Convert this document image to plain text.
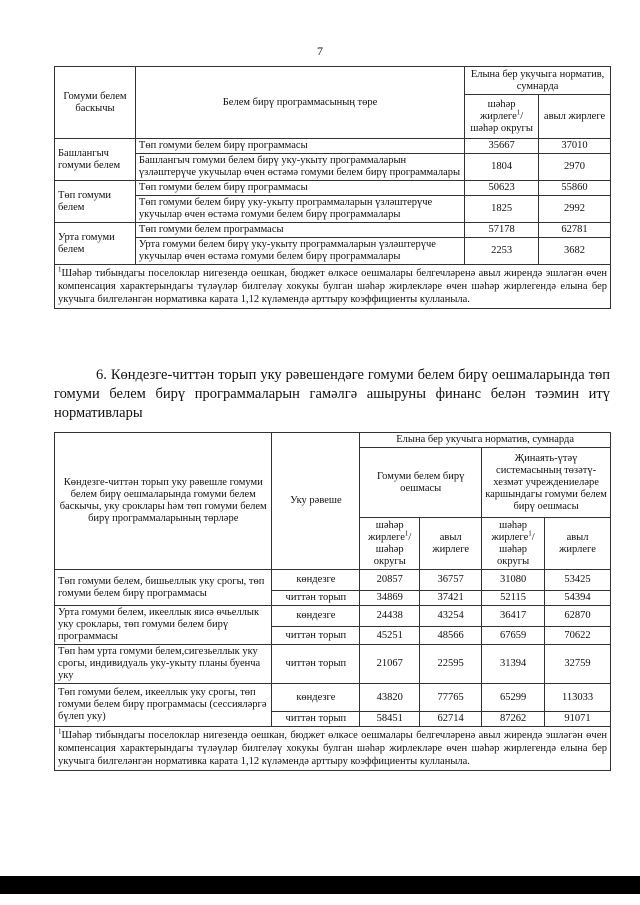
7
Гомуми белем баскычы	Белем бирү программасының төре	Елына бер укучыга норматив, сумнарда	
		шәһәр жирлеге$^1$/ шәһәр округы	авыл жирлеге
Башлангыч гомуми белем	Төп гомуми белем бирү программасы	35667	37010
	Башлангыч гомуми белем бирү уку-укыту программаларын үзләштерүче укучылар өчен өстәмә гомуми белем бирү программалары	1804	2970
Төп гомуми белем	Төп гомуми белем бирү программасы	50623	55860
	Төп гомуми белем бирү уку-укыту программаларын үзләштерүче укучылар өчен өстәмә гомуми белем бирү программалары	1825	2992
Урта гомуми белем	Төп гомуми белем программасы	57178	62781
	Урта гомуми белем бирү уку-укыту программаларын үзләштерүче укучылар өчен өстәмә гомуми белем бирү программалары	2253	3682
$^1$Шәһәр тибындагы поселоклар нигезендә оешкан, бюджет өлкәсе оешмалары белгечләренә авыл жирендә эшләгән өчен компенсация характерындагы түләүләр билгеләү хокукы булган шәһәр жирлекләре өчен шәһәр жирлегендә елына бер укучыга билгеләнгән нормативка карата 1,12 күләмендә арттыру коэффициенты кулланыла.			
6. Көндезге-читтән торып уку рәвешендәге гомуми белем бирү оешмаларында төп гомуми белем бирү программаларын гамәлгә ашыруны финанс белән тәэмин итү нормативлары
Көндезге-читтән торып уку рәвешле гомуми белем бирү оешмаларында гомуми белем баскычы, уку сроклары һәм төп гомуми белем бирү программаларының төрләре	Уку рәвеше	Елына бер укучыга норматив, сумнарда			
		Гомуми белем бирү оешмасы		Җинаять-үтәү системасының төзәтү-хезмәт учреждениеләре каршындагы гомуми белем бирү оешмасы	
		шәһәр жирлеге$^1$/ шәһәр округы	авыл жирлеге	шәһәр жирлеге$^1$/ шәһәр округы	авыл жирлеге
Төп гомуми белем, бишьеллык уку срогы, төп гомуми белем бирү программасы	көндезге	20857	36757	31080	53425
	читтән торып	34869	37421	52115	54394
Урта гомуми белем, икееллык яисә өчьеллык уку сроклары, төп гомуми белем бирү программасы	көндезге	24438	43254	36417	62870
	читтән торып	45251	48566	67659	70622
Төп һәм урта гомуми белем,сигезьеллык уку срогы, индивидуаль уку-укыту планы буенча уку	читтән торып	21067	22595	31394	32759
Төп гомуми белем, икееллык уку срогы, төп гомуми белем бирү программасы (сессияләргә бүлеп уку)	көндезге	43820	77765	65299	113033
	читтән торып	58451	62714	87262	91071
$^1$Шәһәр тибындагы поселоклар нигезендә оешкан, бюджет өлкәсе оешмалары белгечләренә авыл жирендә эшләгән өчен компенсация характерындагы түләүләр билгеләү хокукы булган шәһәр жирлекләре өчен шәһәр жирлегендә елына бер укучыга билгеләнгән нормативка карата 1,12 күләмендә арттыру коэффициенты кулланыла.					
